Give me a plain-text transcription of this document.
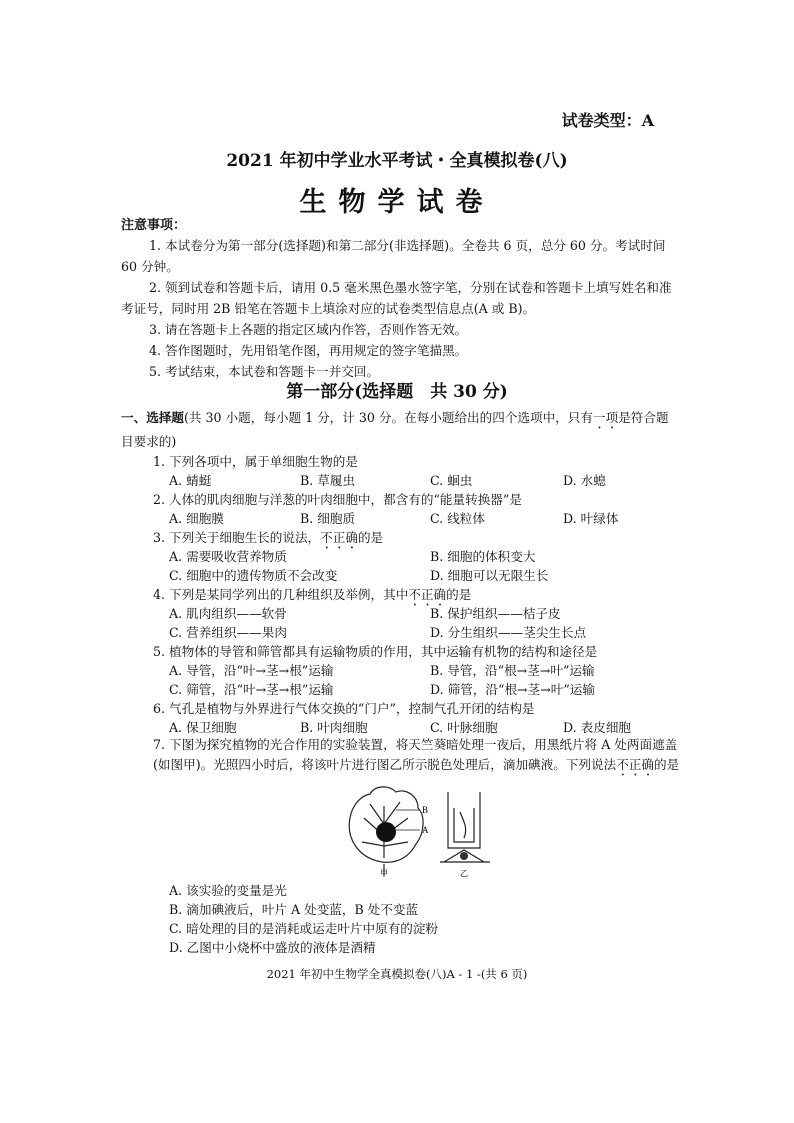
试卷类型：A
2021 年初中学业水平考试・全真模拟卷(八)
生物学试卷
注意事项：

1. 本试卷分为第一部分(选择题)和第二部分(非选择题)。全卷共 6 页，总分 60 分。考试时间 60 分钟。

2. 领到试卷和答题卡后，请用 0.5 毫米黑色墨水签字笔，分别在试卷和答题卡上填写姓名和准考证号，同时用 2B 铅笔在答题卡上填涂对应的试卷类型信息点(A 或 B)。

3. 请在答题卡上各题的指定区域内作答，否则作答无效。

4. 答作图题时，先用铅笔作图，再用规定的签字笔描黑。

5. 考试结束，本试卷和答题卡一并交回。

第一部分(选择题　共 30 分)
一、选择题(共 30 小题，每小题 1 分，计 30 分。在每小题给出的四个选项中，只有一项是符合题目要求的)
1. 下列各项中，属于单细胞生物的是
A. 蜻蜓	B. 草履虫	C. 蛔虫	D. 水螅
2. 人体的肌肉细胞与洋葱的叶肉细胞中，都含有的“能量转换器”是
A. 细胞膜	B. 细胞质	C. 线粒体	D. 叶绿体
3. 下列关于细胞生长的说法，不正确的是
A. 需要吸收营养物质	B. 细胞的体积变大
C. 细胞中的遗传物质不会改变	D. 细胞可以无限生长
4. 下列是某同学列出的几种组织及举例，其中不正确的是
A. 肌肉组织——软骨	B. 保护组织——桔子皮
C. 营养组织——果肉	D. 分生组织——茎尖生长点
5. 植物体的导管和筛管都具有运输物质的作用，其中运输有机物的结构和途径是
A. 导管，沿“叶→茎→根”运输	B. 导管，沿“根→茎→叶”运输
C. 筛管，沿“叶→茎→根”运输	D. 筛管，沿“根→茎→叶”运输
6. 气孔是植物与外界进行气体交换的“门户”，控制气孔开闭的结构是
A. 保卫细胞	B. 叶肉细胞	C. 叶脉细胞	D. 表皮细胞
7. 下图为探究植物的光合作用的实验装置，将天竺葵暗处理一夜后，用黑纸片将 A 处两面遮盖(如图甲)。光照四小时后，将该叶片进行图乙所示脱色处理后，滴加碘液。下列说法不正确的是
B
A
甲	乙
A. 该实验的变量是光
B. 滴加碘液后，叶片 A 处变蓝，B 处不变蓝
C. 暗处理的目的是消耗或运走叶片中原有的淀粉
D. 乙图中小烧杯中盛放的液体是酒精
2021 年初中生物学全真模拟卷(八)A - 1 -(共 6 页)
